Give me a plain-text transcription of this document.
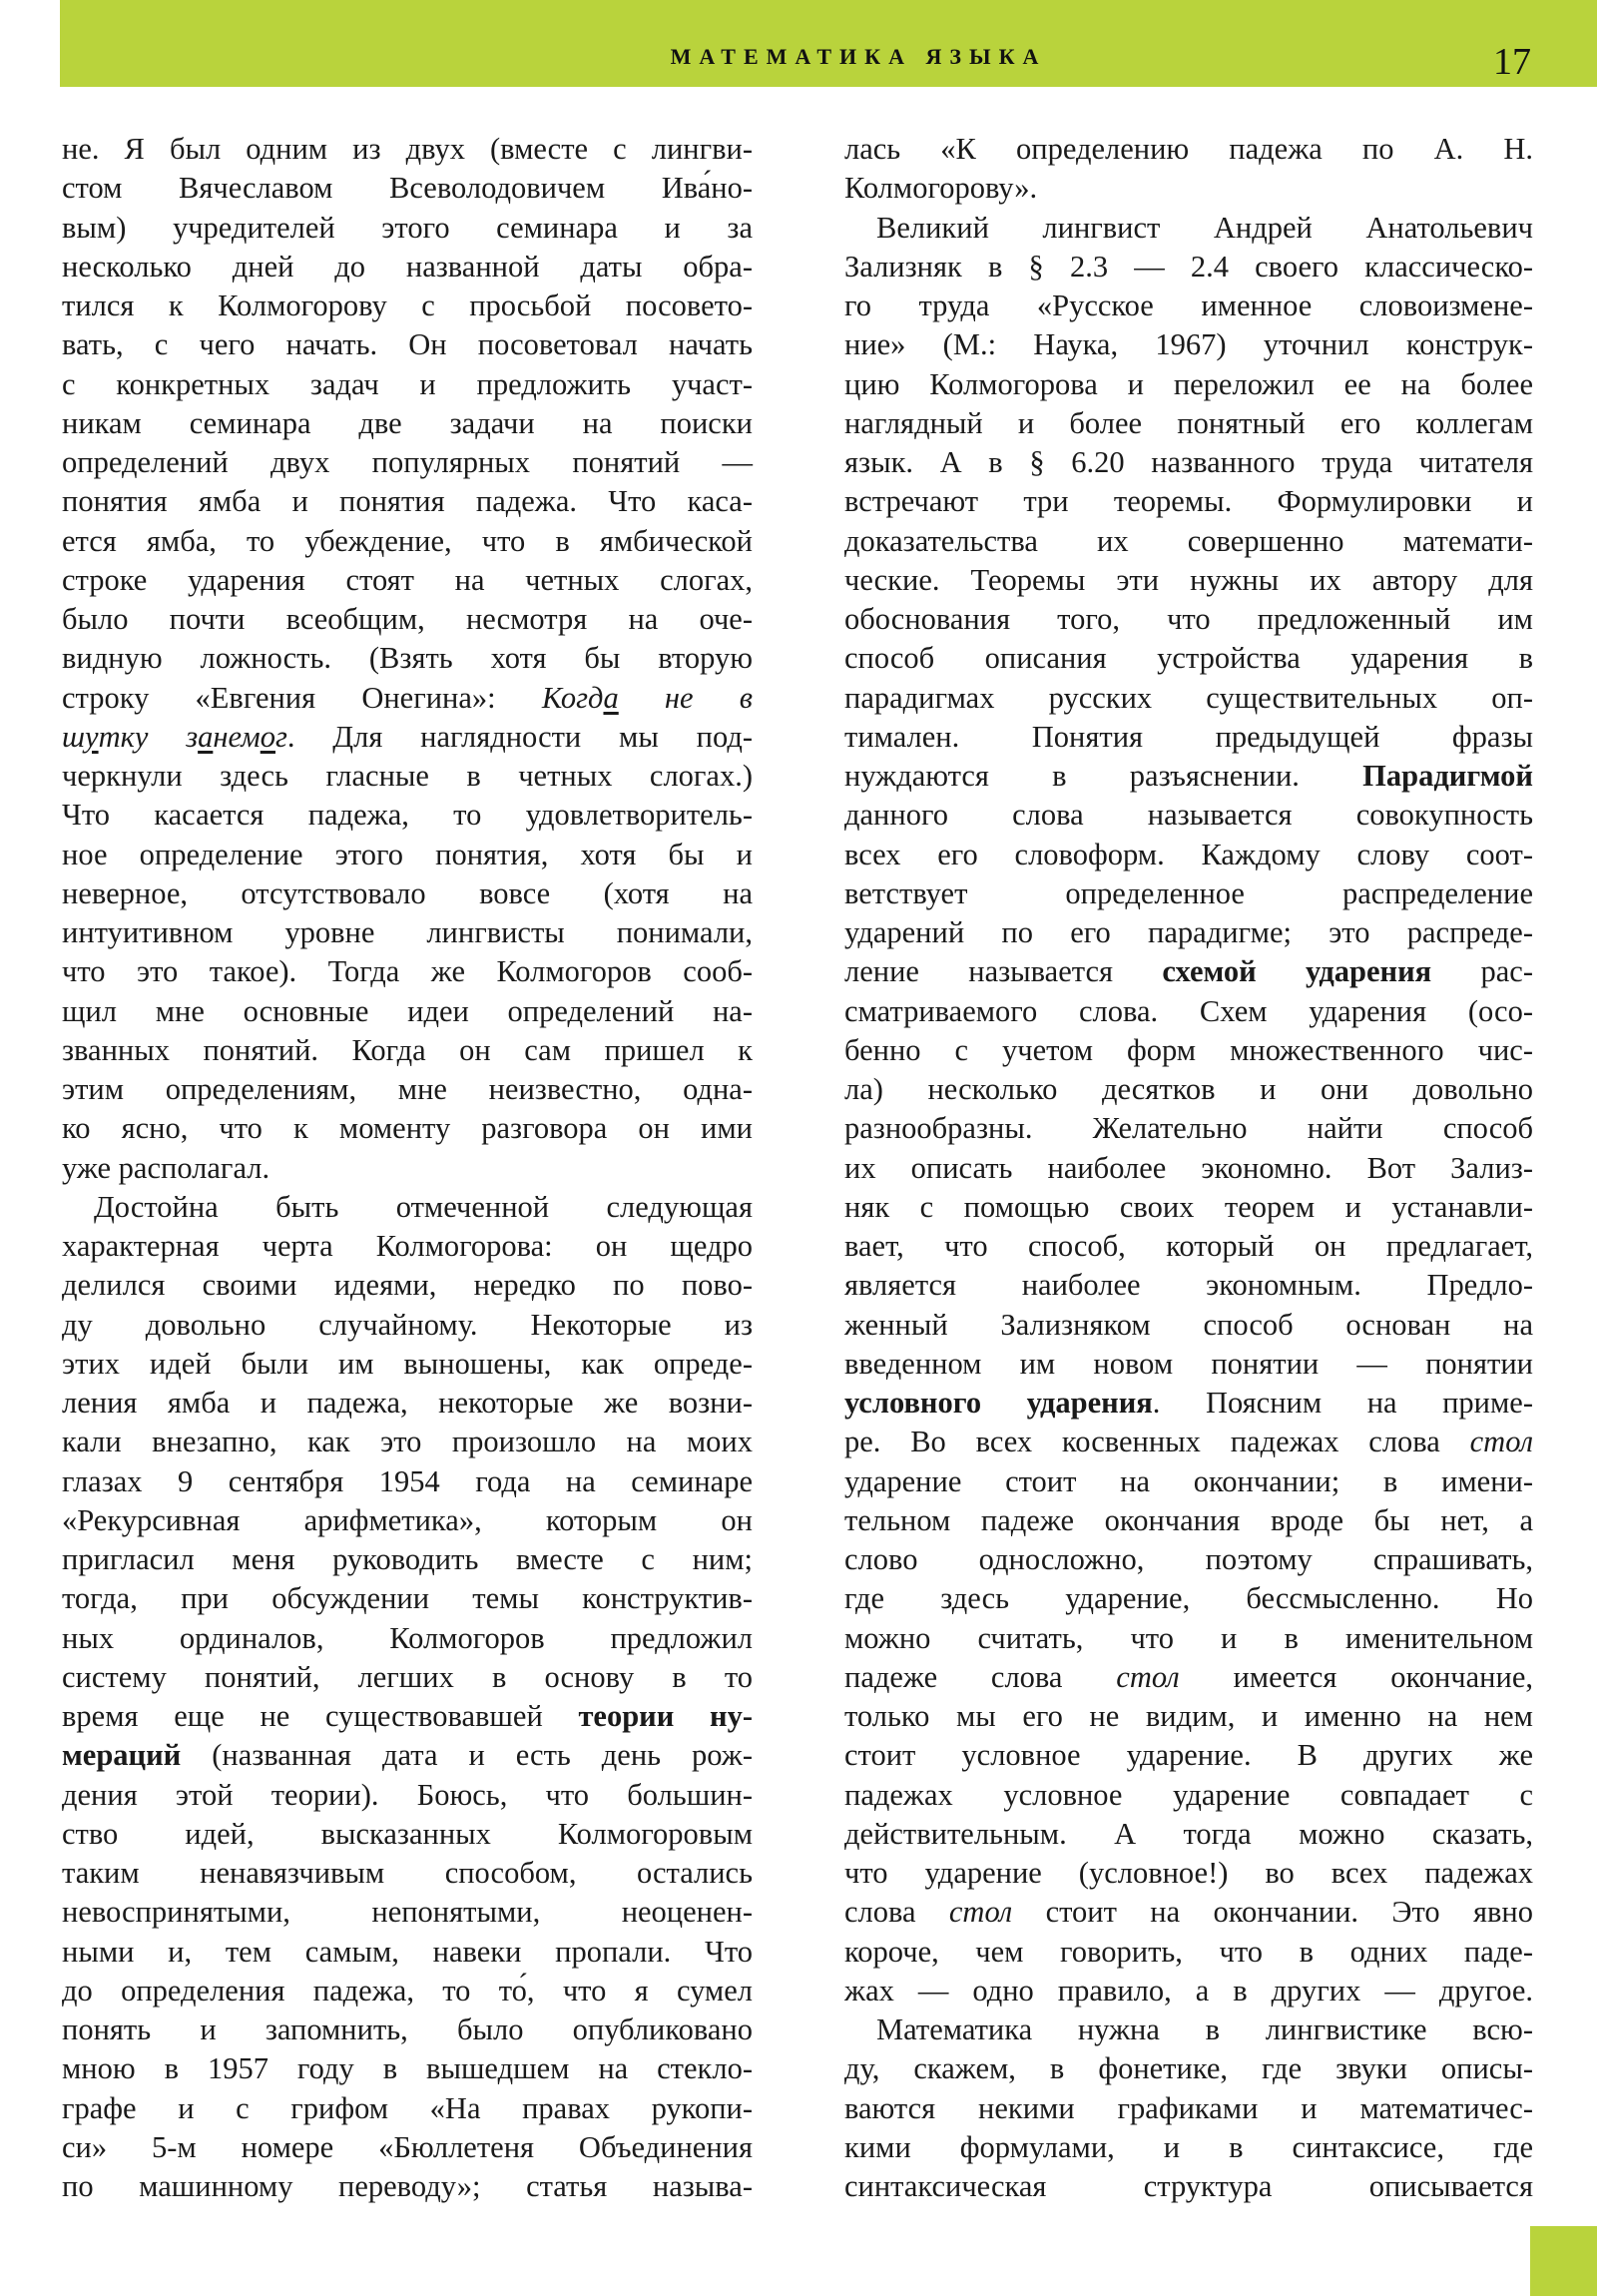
МАТЕМАТИКА ЯЗЫКА	17
не. Я был одним из двух (вместе с лингви-
стом Вячеславом Всеволодовичем Ива́но-
вым) учредителей этого семинара и за
несколько дней до названной даты обра-
тился к Колмогорову с просьбой посовето-
вать, с чего начать. Он посоветовал начать
с конкретных задач и предложить участ-
никам семинара две задачи на поиски
определений двух популярных понятий —
понятия ямба и понятия падежа. Что каса-
ется ямба, то убеждение, что в ямбической
строке ударения стоят на четных слогах,
было почти всеобщим, несмотря на оче-
видную ложность. (Взять хотя бы вторую
строку «Евгения Онегина»: Когда не в
шутку занемог. Для наглядности мы под-
черкнули здесь гласные в четных слогах.)
Что касается падежа, то удовлетворитель-
ное определение этого понятия, хотя бы и
неверное, отсутствовало вовсе (хотя на
интуитивном уровне лингвисты понимали,
что это такое). Тогда же Колмогоров сооб-
щил мне основные идеи определений на-
званных понятий. Когда он сам пришел к
этим определениям, мне неизвестно, одна-
ко ясно, что к моменту разговора он ими
уже располагал.
Достойна быть отмеченной следующая
характерная черта Колмогорова: он щедро
делился своими идеями, нередко по пово-
ду довольно случайному. Некоторые из
этих идей были им выношены, как опреде-
ления ямба и падежа, некоторые же возни-
кали внезапно, как это произошло на моих
глазах 9 сентября 1954 года на семинаре
«Рекурсивная арифметика», которым он
пригласил меня руководить вместе с ним;
тогда, при обсуждении темы конструктив-
ных ординалов, Колмогоров предложил
систему понятий, легших в основу в то
время еще не существовавшей теории ну-
мераций (названная дата и есть день рож-
дения этой теории). Боюсь, что большин-
ство идей, высказанных Колмогоровым
таким ненавязчивым способом, остались
невоспринятыми, непонятыми, неоценен-
ными и, тем самым, навеки пропали. Что
до определения падежа, то то́, что я сумел
понять и запомнить, было опубликовано
мною в 1957 году в вышедшем на стекло-
графе и с грифом «На правах рукопи-
си» 5-м номере «Бюллетеня Объединения
по машинному переводу»; статья называ-
лась «К определению падежа по А. Н.
Колмогорову».
Великий лингвист Андрей Анатольевич
Зализняк в § 2.3 — 2.4 своего классическо-
го труда «Русское именное словоизмене-
ние» (М.: Наука, 1967) уточнил конструк-
цию Колмогорова и переложил ее на более
наглядный и более понятный его коллегам
язык. А в § 6.20 названного труда читателя
встречают три теоремы. Формулировки и
доказательства их совершенно математи-
ческие. Теоремы эти нужны их автору для
обоснования того, что предложенный им
способ описания устройства ударения в
парадигмах русских существительных оп-
тимален. Понятия предыдущей фразы
нуждаются в разъяснении. Парадигмой
данного слова называется совокупность
всех его словоформ. Каждому слову соот-
ветствует определенное распределение
ударений по его парадигме; это распреде-
ление называется схемой ударения рас-
сматриваемого слова. Схем ударения (осо-
бенно с учетом форм множественного чис-
ла) несколько десятков и они довольно
разнообразны. Желательно найти способ
их описать наиболее экономно. Вот Зализ-
няк с помощью своих теорем и устанавли-
вает, что способ, который он предлагает,
является наиболее экономным. Предло-
женный Зализняком способ основан на
введенном им новом понятии — понятии
условного ударения. Поясним на приме-
ре. Во всех косвенных падежах слова стол
ударение стоит на окончании; в имени-
тельном падеже окончания вроде бы нет, а
слово односложно, поэтому спрашивать,
где здесь ударение, бессмысленно. Но
можно считать, что и в именительном
падеже слова стол имеется окончание,
только мы его не видим, и именно на нем
стоит условное ударение. В других же
падежах условное ударение совпадает с
действительным. А тогда можно сказать,
что ударение (условное!) во всех падежах
слова стол стоит на окончании. Это явно
короче, чем говорить, что в одних паде-
жах — одно правило, а в других — другое.
Математика нужна в лингвистике всю-
ду, скажем, в фонетике, где звуки описы-
ваются некими графиками и математичес-
кими формулами, и в синтаксисе, где
синтаксическая структура описывается
